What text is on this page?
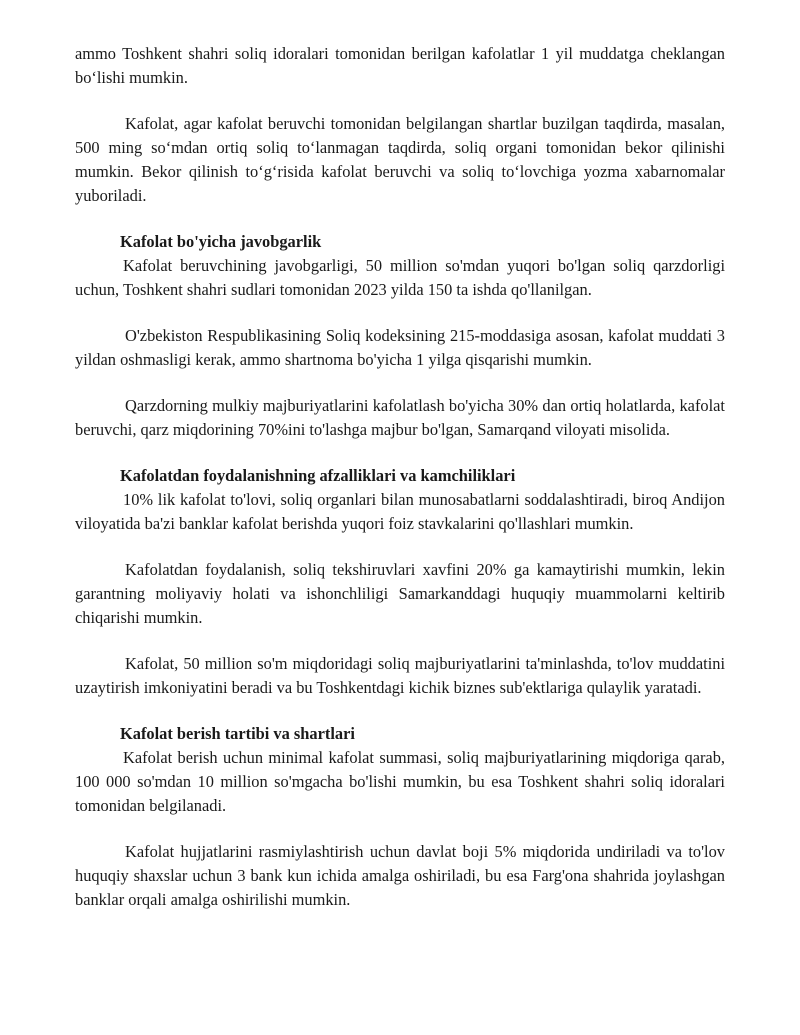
ammo Toshkent shahri soliq idoralari tomonidan berilgan kafolatlar 1 yil muddatga cheklangan bo‘lishi mumkin.

Kafolat, agar kafolat beruvchi tomonidan belgilangan shartlar buzilgan taqdirda, masalan, 500 ming so‘mdan ortiq soliq to‘lanmagan taqdirda, soliq organi tomonidan bekor qilinishi mumkin. Bekor qilinish to‘g‘risida kafolat beruvchi va soliq to‘lovchiga yozma xabarnomalar yuboriladi.

Kafolat bo'yicha javobgarlik

Kafolat beruvchining javobgarligi, 50 million so'mdan yuqori bo'lgan soliq qarzdorligi uchun, Toshkent shahri sudlari tomonidan 2023 yilda 150 ta ishda qo'llanilgan.

O'zbekiston Respublikasining Soliq kodeksining 215-moddasiga asosan, kafolat muddati 3 yildan oshmasligi kerak, ammo shartnoma bo'yicha 1 yilga qisqarishi mumkin.

Qarzdorning mulkiy majburiyatlarini kafolatlash bo'yicha 30% dan ortiq holatlarda, kafolat beruvchi, qarz miqdorining 70%ini to'lashga majbur bo'lgan, Samarqand viloyati misolida.

Kafolatdan foydalanishning afzalliklari va kamchiliklari

10% lik kafolat to'lovi, soliq organlari bilan munosabatlarni soddalashtiradi, biroq Andijon viloyatida ba'zi banklar kafolat berishda yuqori foiz stavkalarini qo'llashlari mumkin.

Kafolatdan foydalanish, soliq tekshiruvlari xavfini 20% ga kamaytirishi mumkin, lekin garantning moliyaviy holati va ishonchliligi Samarkanddagi huquqiy muammolarni keltirib chiqarishi mumkin.

Kafolat, 50 million so'm miqdoridagi soliq majburiyatlarini ta'minlashda, to'lov muddatini uzaytirish imkoniyatini beradi va bu Toshkentdagi kichik biznes sub'ektlariga qulaylik yaratadi.

Kafolat berish tartibi va shartlari

Kafolat berish uchun minimal kafolat summasi, soliq majburiyatlarining miqdoriga qarab, 100 000 so'mdan 10 million so'mgacha bo'lishi mumkin, bu esa Toshkent shahri soliq idoralari tomonidan belgilanadi.

Kafolat hujjatlarini rasmiylashtirish uchun davlat boji 5% miqdorida undiriladi va to'lov huquqiy shaxslar uchun 3 bank kun ichida amalga oshiriladi, bu esa Farg'ona shahrida joylashgan banklar orqali amalga oshirilishi mumkin.
